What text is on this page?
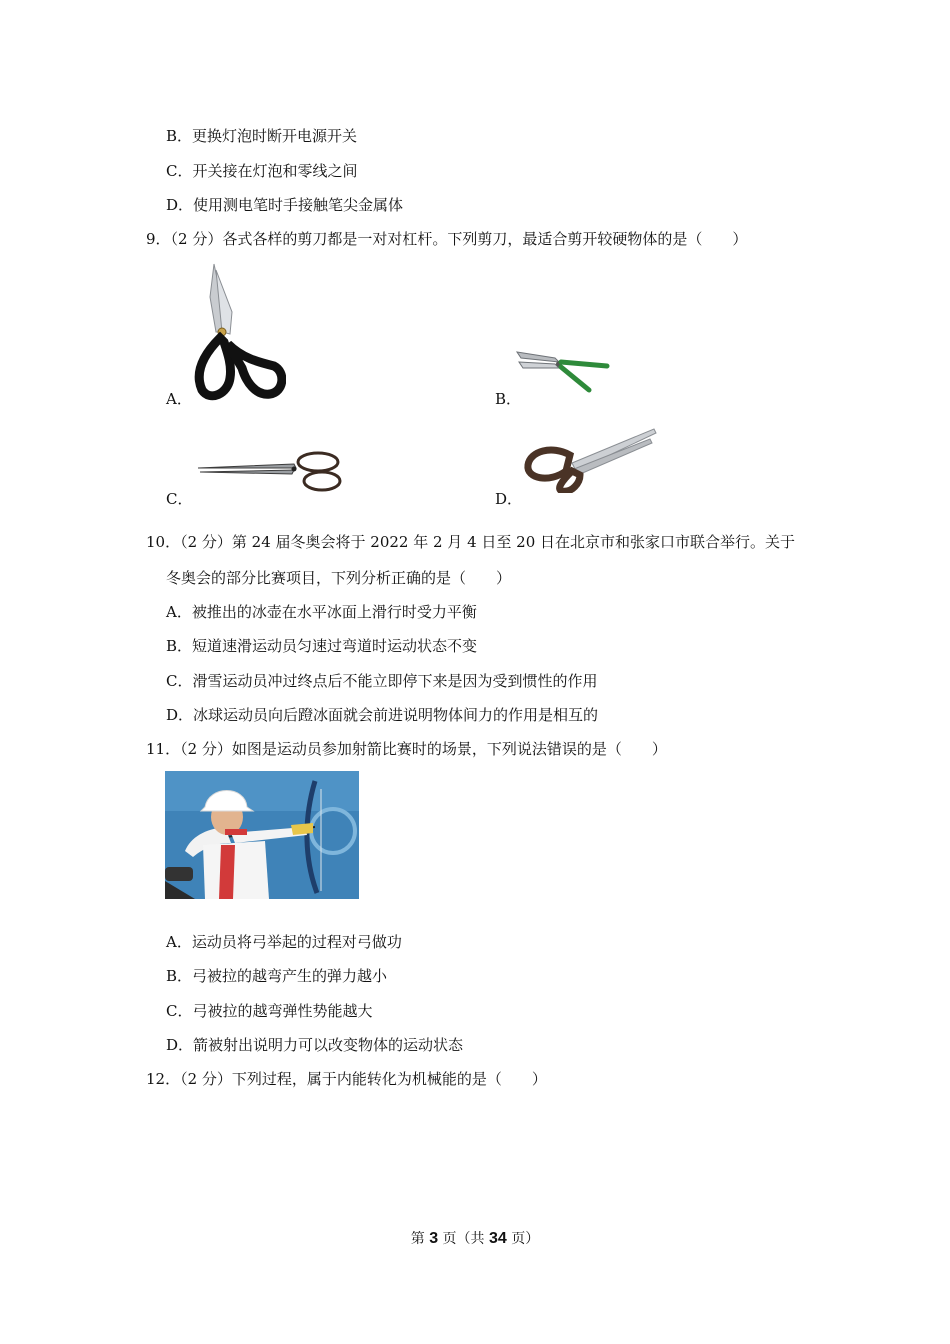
B．更换灯泡时断开电源开关
C．开关接在灯泡和零线之间
D．使用测电笔时手接触笔尖金属体
9．（2 分）各式各样的剪刀都是一对对杠杆。下列剪刀，最适合剪开较硬物体的是（　　）
A．	B．
C．	D．
10．（2 分）第 24 届冬奥会将于 2022 年 2 月 4 日至 20 日在北京市和张家口市联合举行。关于
冬奥会的部分比赛项目，下列分析正确的是（　　）
A．被推出的冰壶在水平冰面上滑行时受力平衡
B．短道速滑运动员匀速过弯道时运动状态不变
C．滑雪运动员冲过终点后不能立即停下来是因为受到惯性的作用
D．冰球运动员向后蹬冰面就会前进说明物体间力的作用是相互的
11．（2 分）如图是运动员参加射箭比赛时的场景，下列说法错误的是（　　）
A．运动员将弓举起的过程对弓做功
B．弓被拉的越弯产生的弹力越小
C．弓被拉的越弯弹性势能越大
D．箭被射出说明力可以改变物体的运动状态
12．（2 分）下列过程，属于内能转化为机械能的是（　　）
第 3 页（共 34 页）
